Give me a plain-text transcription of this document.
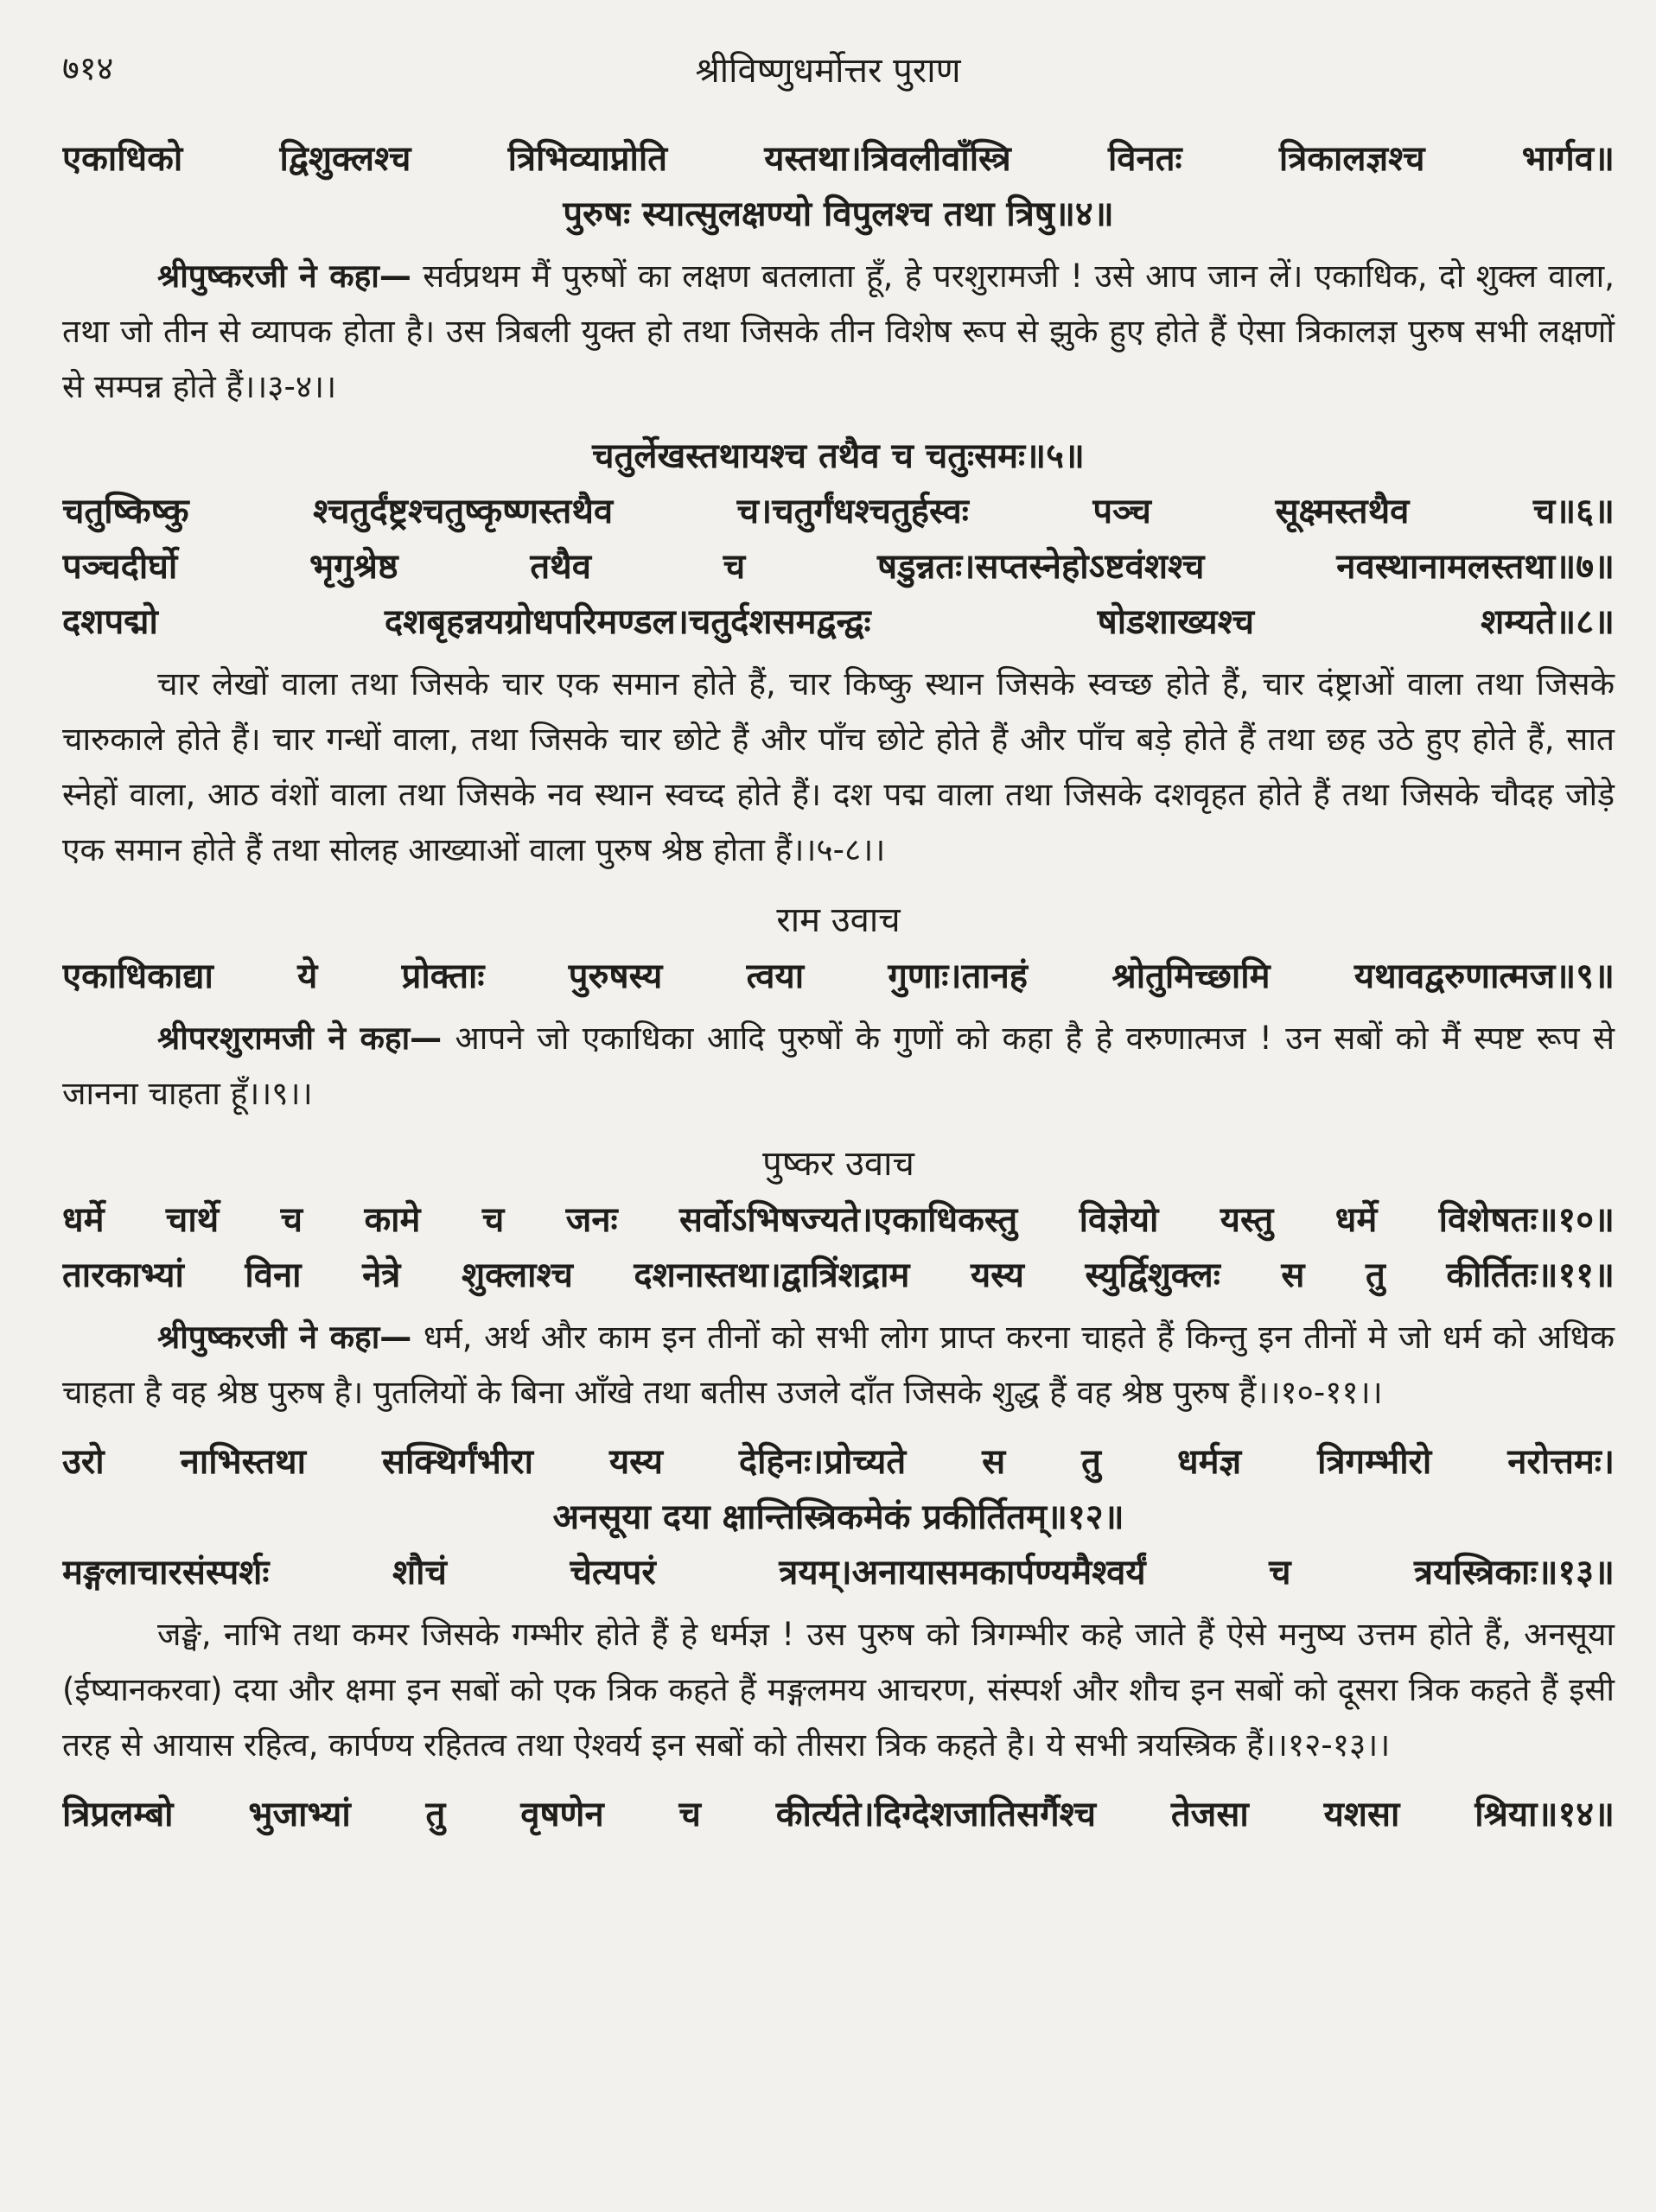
७१४	श्रीविष्णुधर्मोत्तर पुराण
एकाधिको द्विशुक्लश्च त्रिभिव्याप्नोति यस्तथा।त्रिवलीवाँस्त्रि विनतः त्रिकालज्ञश्च भार्गव॥
पुरुषः स्यात्सुलक्षण्यो विपुलश्च तथा त्रिषु॥४॥

श्रीपुष्करजी ने कहा— सर्वप्रथम मैं पुरुषों का लक्षण बतलाता हूँ, हे परशुरामजी ! उसे आप जान लें। एकाधिक, दो शुक्ल वाला, तथा जो तीन से व्यापक होता है। उस त्रिबली युक्त हो तथा जिसके तीन विशेष रूप से झुके हुए होते हैं ऐसा त्रिकालज्ञ पुरुष सभी लक्षणों से सम्पन्न होते हैं।।३-४।।

चतुर्लेखस्तथायश्च तथैव च चतुःसमः॥५॥
चतुष्किष्कु श्चतुर्दंष्ट्रश्चतुष्कृष्णस्तथैव च।चतुर्गंधश्चतुर्हस्वः पञ्च सूक्ष्मस्तथैव च॥६॥
पञ्चदीर्घो भृगुश्रेष्ठ तथैव च षडुन्नतः।सप्तस्नेहोऽष्टवंशश्च नवस्थानामलस्तथा॥७॥
दशपद्मो दशबृहन्नयग्रोधपरिमण्डल।चतुर्दशसमद्वन्द्वः षोडशाख्यश्च शम्यते॥८॥

चार लेखों वाला तथा जिसके चार एक समान होते हैं, चार किष्कु स्थान जिसके स्वच्छ होते हैं, चार दंष्ट्राओं वाला तथा जिसके चारुकाले होते हैं। चार गन्धों वाला, तथा जिसके चार छोटे हैं और पाँच छोटे होते हैं और पाँच बड़े होते हैं तथा छह उठे हुए होते हैं, सात स्नेहों वाला, आठ वंशों वाला तथा जिसके नव स्थान स्वच्द होते हैं। दश पद्म वाला तथा जिसके दशवृहत होते हैं तथा जिसके चौदह जोड़े एक समान होते हैं तथा सोलह आख्याओं वाला पुरुष श्रेष्ठ होता हैं।।५-८।।

राम उवाच
एकाधिकाद्या ये प्रोक्ताः पुरुषस्य त्वया गुणाः।तानहं श्रोतुमिच्छामि यथावद्वरुणात्मज॥९॥

श्रीपरशुरामजी ने कहा— आपने जो एकाधिका आदि पुरुषों के गुणों को कहा है हे वरुणात्मज ! उन सबों को मैं स्पष्ट रूप से जानना चाहता हूँ।।९।।

पुष्कर उवाच
धर्मे चार्थे च कामे च जनः सर्वोऽभिषज्यते।एकाधिकस्तु विज्ञेयो यस्तु धर्मे विशेषतः॥१०॥
तारकाभ्यां विना नेत्रे शुक्लाश्च दशनास्तथा।द्वात्रिंशद्राम यस्य स्युर्द्विशुक्लः स तु कीर्तितः॥११॥

श्रीपुष्करजी ने कहा— धर्म, अर्थ और काम इन तीनों को सभी लोग प्राप्त करना चाहते हैं किन्तु इन तीनों मे जो धर्म को अधिक चाहता है वह श्रेष्ठ पुरुष है। पुतलियों के बिना आँखे तथा बतीस उजले दाँत जिसके शुद्ध हैं वह श्रेष्ठ पुरुष हैं।।१०-११।।

उरो नाभिस्तथा सक्थिर्गंभीरा यस्य देहिनः।प्रोच्यते स तु धर्मज्ञ त्रिगम्भीरो नरोत्तमः।
अनसूया दया क्षान्तिस्त्रिकमेकं प्रकीर्तितम्॥१२॥
मङ्गलाचारसंस्पर्शः शौचं चेत्यपरं त्रयम्।अनायासमकार्पण्यमैश्वर्यं च त्रयस्त्रिकाः॥१३॥

जङ्घे, नाभि तथा कमर जिसके गम्भीर होते हैं हे धर्मज्ञ ! उस पुरुष को त्रिगम्भीर कहे जाते हैं ऐसे मनुष्य उत्तम होते हैं, अनसूया (ईष्यानकरवा) दया और क्षमा इन सबों को एक त्रिक कहते हैं मङ्गलमय आचरण, संस्पर्श और शौच इन सबों को दूसरा त्रिक कहते हैं इसी तरह से आयास रहित्व, कार्पण्य रहितत्व तथा ऐश्वर्य इन सबों को तीसरा त्रिक कहते है। ये सभी त्रयस्त्रिक हैं।।१२-१३।।

त्रिप्रलम्बो भुजाभ्यां तु वृषणेन च कीर्त्यते।दिग्देशजातिसर्गैश्च तेजसा यशसा श्रिया॥१४॥
